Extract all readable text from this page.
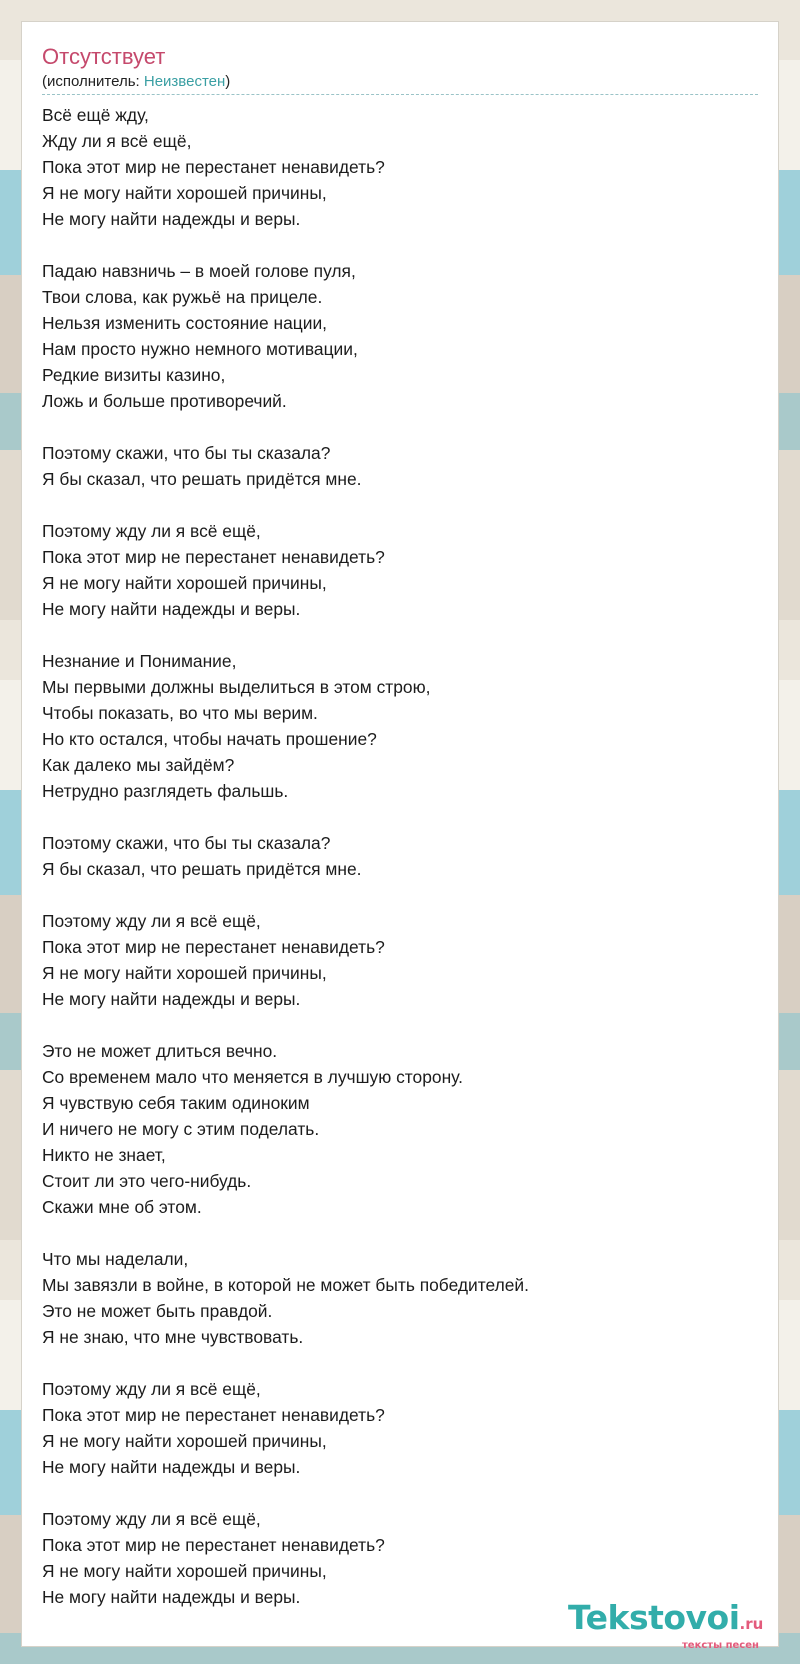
Отсутствует
(исполнитель: Неизвестен)
Всё ещё жду,
Жду ли я всё ещё,
Пока этот мир не перестанет ненавидеть?
Я не могу найти хорошей причины,
Не могу найти надежды и веры.
Падаю навзничь – в моей голове пуля,
Твои слова, как ружьё на прицеле.
Нельзя изменить состояние нации,
Нам просто нужно немного мотивации,
Редкие визиты казино,
Ложь и больше противоречий.
Поэтому скажи, что бы ты сказала?
Я бы сказал, что решать придётся мне.
Поэтому жду ли я всё ещё,
Пока этот мир не перестанет ненавидеть?
Я не могу найти хорошей причины,
Не могу найти надежды и веры.
Незнание и Понимание,
Мы первыми должны выделиться в этом строю,
Чтобы показать, во что мы верим.
Но кто остался, чтобы начать прошение?
Как далеко мы зайдём?
Нетрудно разглядеть фальшь.
Поэтому скажи, что бы ты сказала?
Я бы сказал, что решать придётся мне.
Поэтому жду ли я всё ещё,
Пока этот мир не перестанет ненавидеть?
Я не могу найти хорошей причины,
Не могу найти надежды и веры.
Это не может длиться вечно.
Со временем мало что меняется в лучшую сторону.
Я чувствую себя таким одиноким
И ничего не могу с этим поделать.
Никто не знает,
Стоит ли это чего-нибудь.
Скажи мне об этом.
Что мы наделали,
Мы завязли в войне, в которой не может быть победителей.
Это не может быть правдой.
Я не знаю, что мне чувствовать.
Поэтому жду ли я всё ещё,
Пока этот мир не перестанет ненавидеть?
Я не могу найти хорошей причины,
Не могу найти надежды и веры.
Поэтому жду ли я всё ещё,
Пока этот мир не перестанет ненавидеть?
Я не могу найти хорошей причины,
Не могу найти надежды и веры.
Tekstovoi.ru
тексты песен
